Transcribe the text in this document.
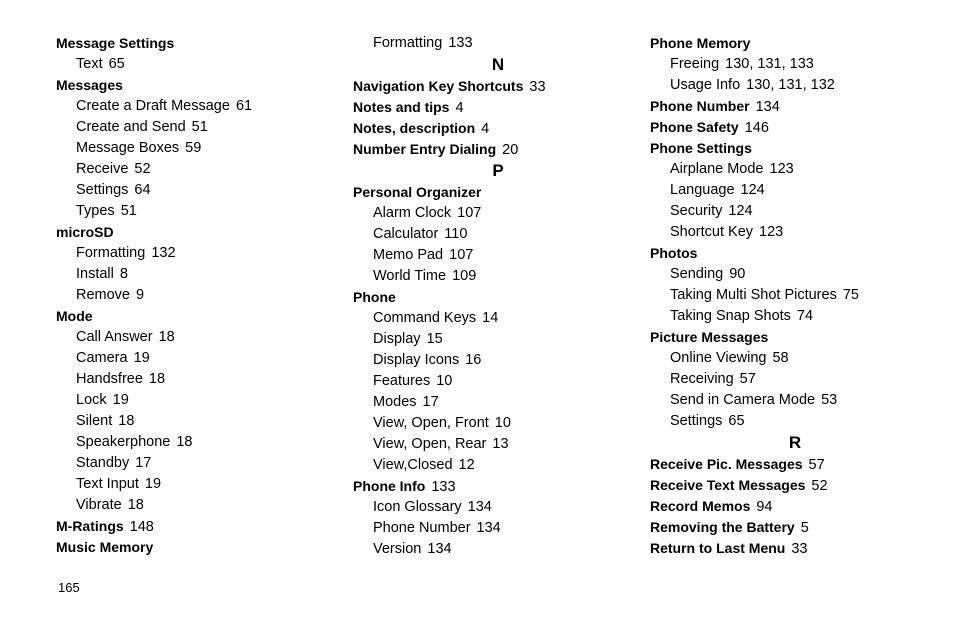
Message Settings
Text 65
Messages
Create a Draft Message 61
Create and Send 51
Message Boxes 59
Receive 52
Settings 64
Types 51
microSD
Formatting 132
Install 8
Remove 9
Mode
Call Answer 18
Camera 19
Handsfree 18
Lock 19
Silent 18
Speakerphone 18
Standby 17
Text Input 19
Vibrate 18
M-Ratings 148
Music Memory
Formatting 133
N
Navigation Key Shortcuts 33
Notes and tips 4
Notes, description 4
Number Entry Dialing 20
P
Personal Organizer
Alarm Clock 107
Calculator 110
Memo Pad 107
World Time 109
Phone
Command Keys 14
Display 15
Display Icons 16
Features 10
Modes 17
View, Open, Front 10
View, Open, Rear 13
View,Closed 12
Phone Info 133
Icon Glossary 134
Phone Number 134
Version 134
Phone Memory
Freeing 130, 131, 133
Usage Info 130, 131, 132
Phone Number 134
Phone Safety 146
Phone Settings
Airplane Mode 123
Language 124
Security 124
Shortcut Key 123
Photos
Sending 90
Taking Multi Shot Pictures 75
Taking Snap Shots 74
Picture Messages
Online Viewing 58
Receiving 57
Send in Camera Mode 53
Settings 65
R
Receive Pic. Messages 57
Receive Text Messages 52
Record Memos 94
Removing the Battery 5
Return to Last Menu 33
165
